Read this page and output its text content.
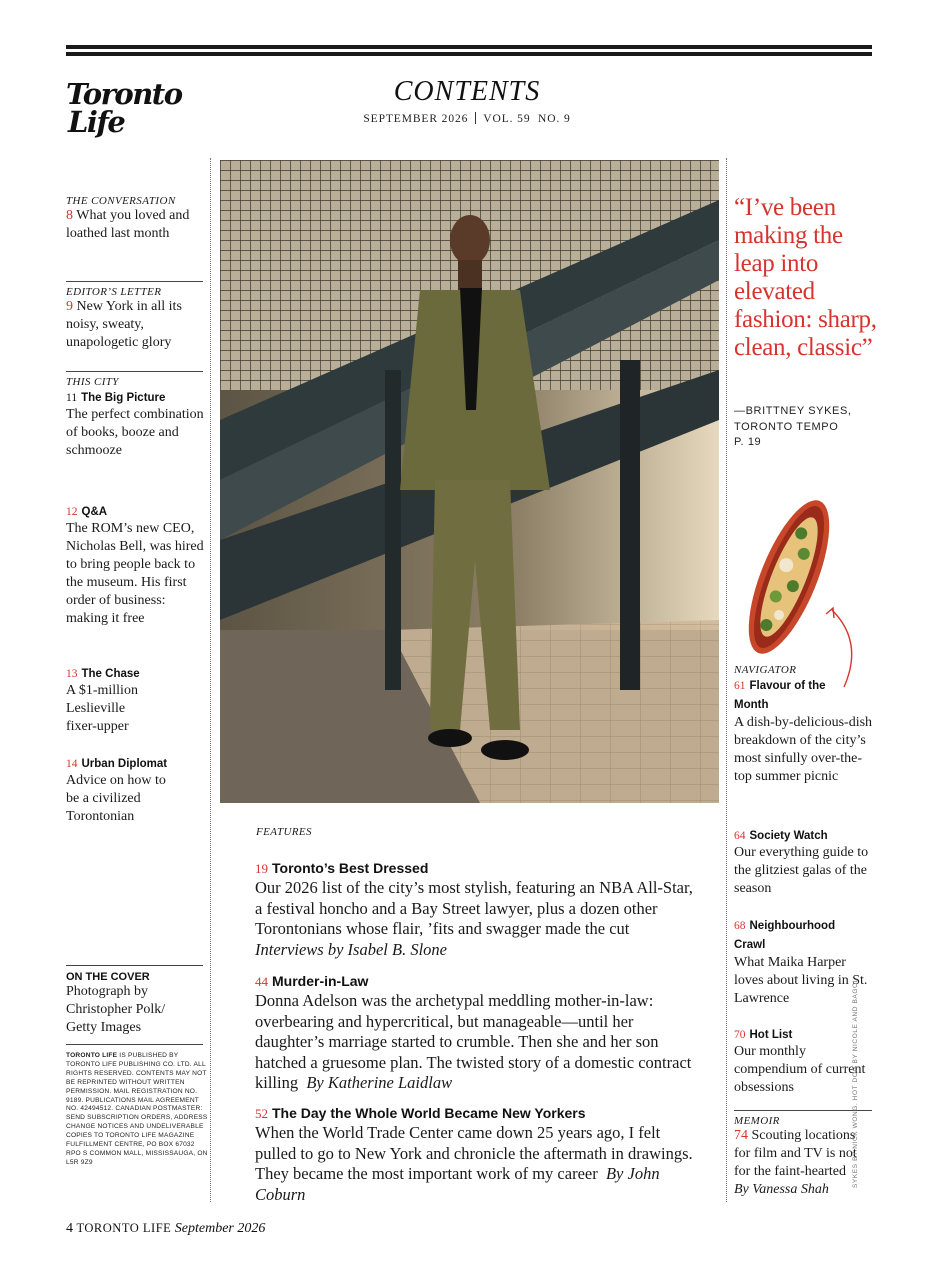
Toronto
Life
CONTENTS
SEPTEMBER 2026 VOL. 59  NO. 9
THE CONVERSATION
8 What you loved and loathed last month
EDITOR’S LETTER
9 New York in all its noisy, sweaty, unapologetic glory
THIS CITY
11 The Big Picture
The perfect combination of books, booze and schmooze
12 Q&A
The ROM’s new CEO, Nicholas Bell, was hired to bring people back to the museum. His first order of business: making it free
13 The Chase
A $1-million Leslieville fixer-upper
14 Urban Diplomat
Advice on how to be a civilized Torontonian
ON THE COVER
Photograph by Christopher Polk/ Getty Images
TORONTO LIFE IS PUBLISHED BY TORONTO LIFE PUBLISHING CO. LTD. ALL RIGHTS RESERVED. CONTENTS MAY NOT BE REPRINTED WITHOUT WRITTEN PERMISSION. MAIL REGISTRATION NO. 9189. PUBLICATIONS MAIL AGREEMENT NO. 42494512. CANADIAN POSTMASTER: SEND SUBSCRIPTION ORDERS, ADDRESS CHANGE NOTICES AND UNDELIVERABLE COPIES TO TORONTO LIFE MAGAZINE FULFILLMENT CENTRE, PO BOX 67032 RPO S COMMON MALL, MISSISSAUGA, ON L5R 9Z9
FEATURES
19 Toronto’s Best Dressed
Our 2026 list of the city’s most stylish, featuring an NBA All-Star, a festival honcho and a Bay Street lawyer, plus a dozen other Torontonians whose flair, ’fits and swagger made the cut  Interviews by Isabel B. Slone
44 Murder-in-Law
Donna Adelson was the archetypal meddling mother-in-law: overbearing and hypercritical, but manageable—until her daughter’s marriage started to crumble. Then she and her son hatched a gruesome plan. The twisted story of a domestic contract killing By Katherine Laidlaw
52 The Day the Whole World Became New Yorkers
When the World Trade Center came down 25 years ago, I felt pulled to go to New York and chronicle the aftermath in drawings. They became the most important work of my career By John Coburn
“I’ve been making the leap into elevated fashion: sharp, clean, classic”
—BRITTNEY SYKES,
TORONTO TEMPO
P. 19
NAVIGATOR
61 Flavour of the Month
A dish-by-delicious-dish breakdown of the city’s most sinfully over-the-top summer picnic
64 Society Watch
Our everything guide to the glitziest galas of the season
68 Neighbourhood Crawl
What Maika Harper loves about living in St. Lawrence
70 Hot List
Our monthly compendium of current obsessions
MEMOIR
74 Scouting locations for film and TV is not for the faint-hearted
By Vanessa Shah
SYKES BY NICK WONG. HOT DOG BY NICOLE AND BAGOL
4 TORONTO LIFE September 2026
